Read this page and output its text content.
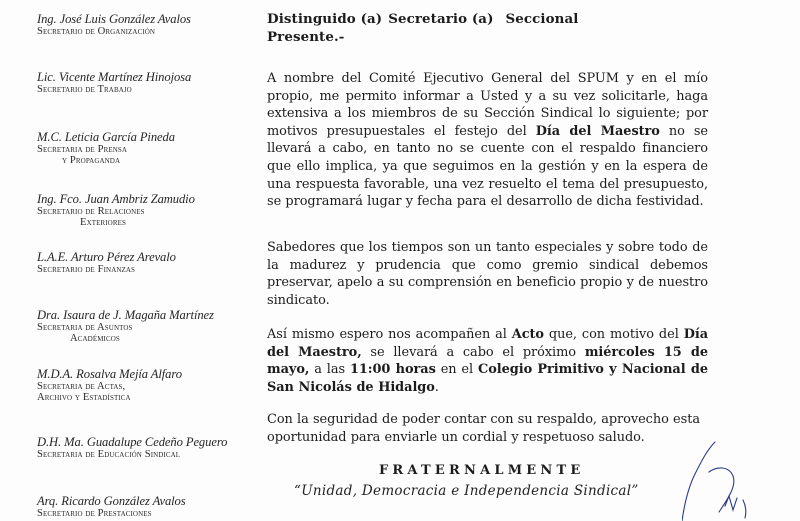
Ing. José Luis González Avalos
Secretario de Organización
Lic. Vicente Martínez Hinojosa
Secretario de Trabajo
M.C. Leticia García Pineda
Secretaria de Prensa
y Propaganda
Ing. Fco. Juan Ambriz Zamudio
Secretario de Relaciones
Exteriores
L.A.E. Arturo Pérez Arevalo
Secretario de Finanzas
Dra. Isaura de J. Magaña Martínez
Secretaria de Asuntos
Académicos
M.D.A. Rosalva Mejía Alfaro
Secretaria de Actas,
Archivo y Estadística
D.H. Ma. Guadalupe Cedeño Peguero
Secretaria de Educación Sindical
Arq. Ricardo González Avalos
Secretario de Prestaciones
Distinguido (a) Secretario (a) Seccional
Presente.-
A nombre del Comité Ejecutivo General del SPUM y en el mío propio, me permito informar a Usted y a su vez solicitarle, haga extensiva a los miembros de su Sección Sindical lo siguiente; por motivos presupuestales el festejo del Día del Maestro no se llevará a cabo, en tanto no se cuente con el respaldo financiero que ello implica, ya que seguimos en la gestión y en la espera de una respuesta favorable, una vez resuelto el tema del presupuesto, se programará lugar y fecha para el desarrollo de dicha festividad.
Sabedores que los tiempos son un tanto especiales y sobre todo de la madurez y prudencia que como gremio sindical debemos preservar, apelo a su comprensión en beneficio propio y de nuestro sindicato.
Así mismo espero nos acompañen al Acto que, con motivo del Día del Maestro, se llevará a cabo el próximo miércoles 15 de mayo, a las 11:00 horas en el Colegio Primitivo y Nacional de San Nicolás de Hidalgo.
Con la seguridad de poder contar con su respaldo, aprovecho esta oportunidad para enviarle un cordial y respetuoso saludo.
FRATERNALMENTE
“Unidad, Democracia e Independencia Sindical”
